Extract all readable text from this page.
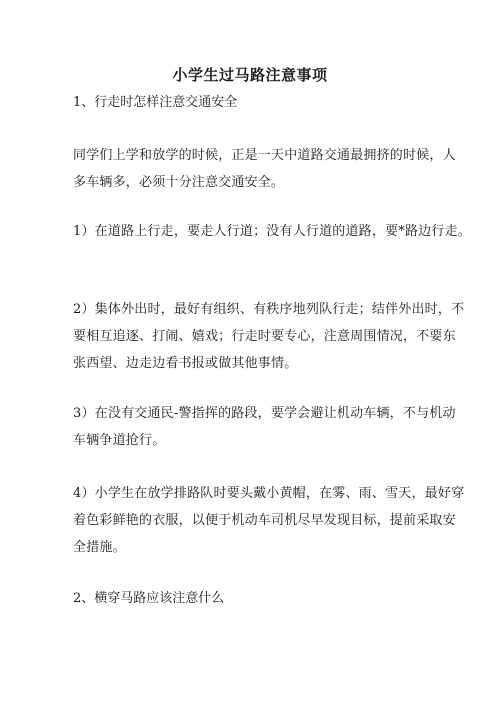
小学生过马路注意事项
1、行走时怎样注意交通安全
同学们上学和放学的时候，正是一天中道路交通最拥挤的时候，人
多车辆多，必须十分注意交通安全。
1）在道路上行走，要走人行道；没有人行道的道路，要*路边行走。
2）集体外出时，最好有组织、有秩序地列队行走；结伴外出时，不
要相互追逐、打闹、嬉戏；行走时要专心，注意周围情况，不要东
张西望、边走边看书报或做其他事情。
3）在没有交通民-警指挥的路段，要学会避让机动车辆，不与机动
车辆争道抢行。
4）小学生在放学排路队时要头戴小黄帽，在雾、雨、雪天，最好穿
着色彩鲜艳的衣服，以便于机动车司机尽早发现目标，提前采取安
全措施。
2、横穿马路应该注意什么
